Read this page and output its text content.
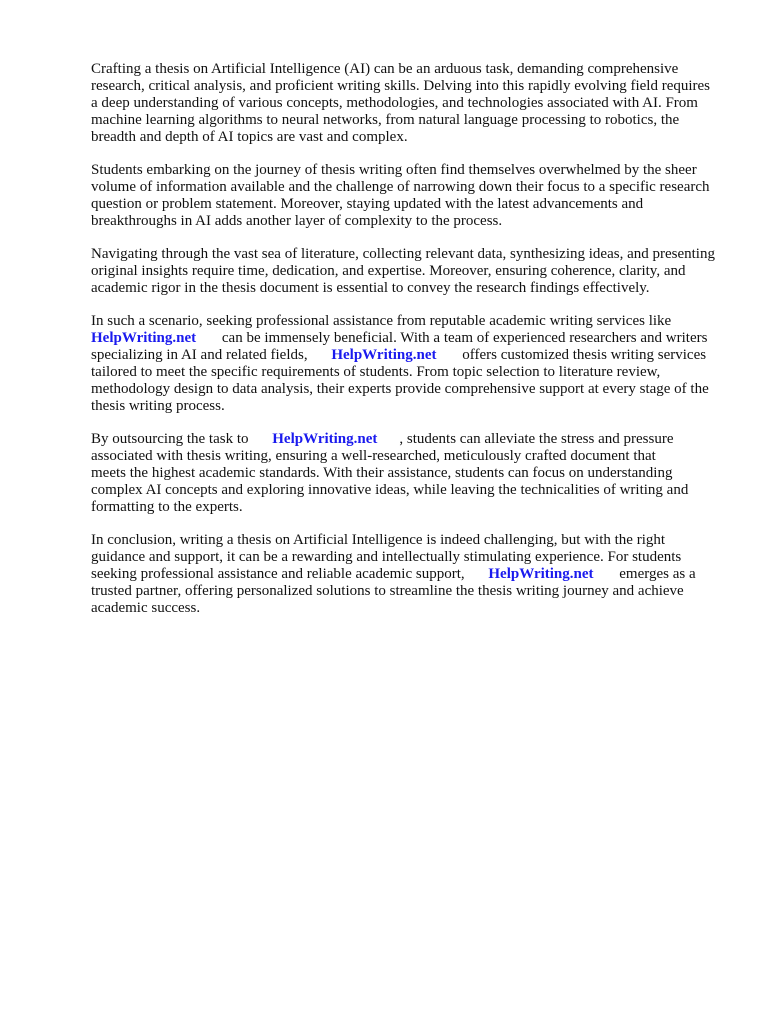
Crafting a thesis on Artificial Intelligence (AI) can be an arduous task, demanding comprehensive research, critical analysis, and proficient writing skills. Delving into this rapidly evolving field requires a deep understanding of various concepts, methodologies, and technologies associated with AI. From machine learning algorithms to neural networks, from natural language processing to robotics, the breadth and depth of AI topics are vast and complex.

Students embarking on the journey of thesis writing often find themselves overwhelmed by the sheer volume of information available and the challenge of narrowing down their focus to a specific research question or problem statement. Moreover, staying updated with the latest advancements and breakthroughs in AI adds another layer of complexity to the process.

Navigating through the vast sea of literature, collecting relevant data, synthesizing ideas, and presenting original insights require time, dedication, and expertise. Moreover, ensuring coherence, clarity, and academic rigor in the thesis document is essential to convey the research findings effectively.

In such a scenario, seeking professional assistance from reputable academic writing services like HelpWriting.net can be immensely beneficial. With a team of experienced researchers and writers specializing in AI and related fields, HelpWriting.net offers customized thesis writing services tailored to meet the specific requirements of students. From topic selection to literature review, methodology design to data analysis, their experts provide comprehensive support at every stage of the thesis writing process.

By outsourcing the task to HelpWriting.net , students can alleviate the stress and pressure associated with thesis writing, ensuring a well-researched, meticulously crafted document that meets the highest academic standards. With their assistance, students can focus on understanding complex AI concepts and exploring innovative ideas, while leaving the technicalities of writing and formatting to the experts.

In conclusion, writing a thesis on Artificial Intelligence is indeed challenging, but with the right guidance and support, it can be a rewarding and intellectually stimulating experience. For students seeking professional assistance and reliable academic support, HelpWriting.net emerges as a trusted partner, offering personalized solutions to streamline the thesis writing journey and achieve academic success.
